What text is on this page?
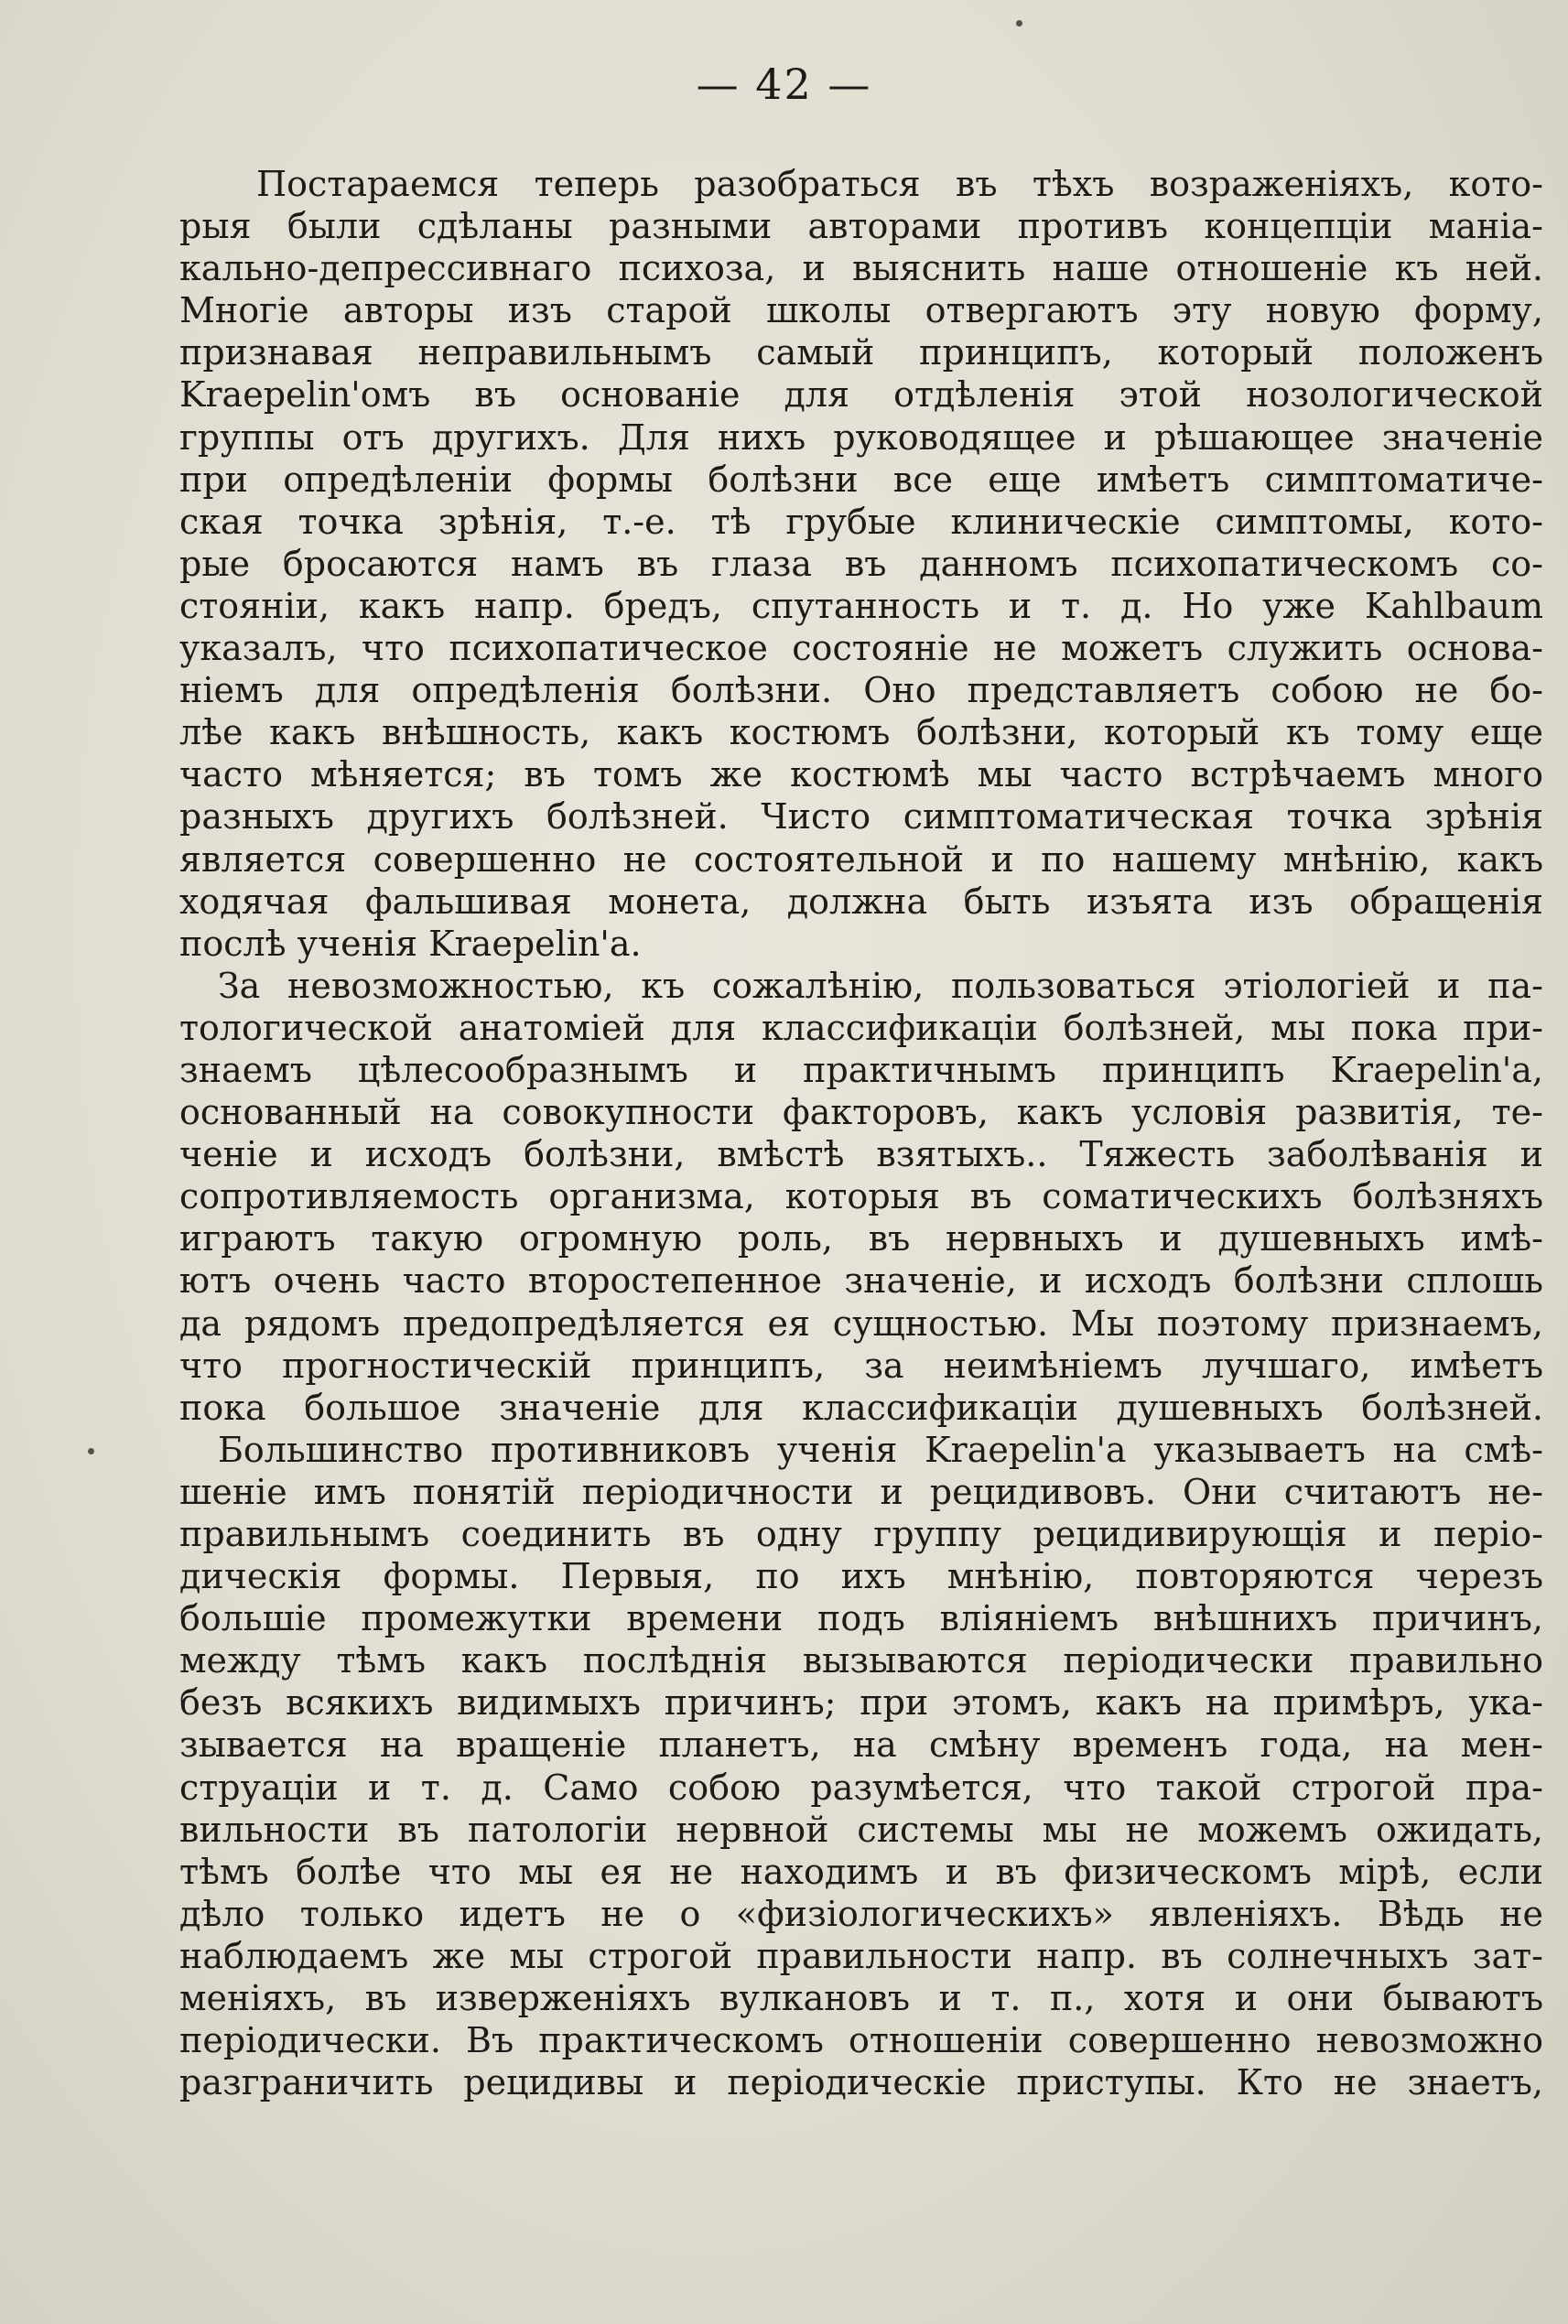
— 42 —
Постараемся теперь разобраться въ тѣхъ возраженіяхъ, кото-
рыя были сдѣланы разными авторами противъ концепціи маніа-
кально-депрессивнаго психоза, и выяснить наше отношеніе къ ней.
Многіе авторы изъ старой школы отвергаютъ эту новую форму,
признавая неправильнымъ самый принципъ, который положенъ
Kraepelin'омъ въ основаніе для отдѣленія этой нозологической
группы отъ другихъ. Для нихъ руководящее и рѣшающее значеніе
при опредѣленіи формы болѣзни все еще имѣетъ симптоматиче-
ская точка зрѣнія, т.-е. тѣ грубые клиническіе симптомы, кото-
рые бросаются намъ въ глаза въ данномъ психопатическомъ со-
стояніи, какъ напр. бредъ, спутанность и т. д. Но уже Kahlbaum
указалъ, что психопатическое состояніе не можетъ служить основа-
ніемъ для опредѣленія болѣзни. Оно представляетъ собою не бо-
лѣе какъ внѣшность, какъ костюмъ болѣзни, который къ тому еще
часто мѣняется; въ томъ же костюмѣ мы часто встрѣчаемъ много
разныхъ другихъ болѣзней. Чисто симптоматическая точка зрѣнія
является совершенно не состоятельной и по нашему мнѣнію, какъ
ходячая фальшивая монета, должна быть изъята изъ обращенія
послѣ ученія Kraepelin'а.
За невозможностью, къ сожалѣнію, пользоваться этіологіей и па-
тологической анатоміей для классификаціи болѣзней, мы пока при-
знаемъ цѣлесообразнымъ и практичнымъ принципъ Kraepelin'а,
основанный на совокупности факторовъ, какъ условія развитія, те-
ченіе и исходъ болѣзни, вмѣстѣ взятыхъ.. Тяжесть заболѣванія и
сопротивляемость организма, которыя въ соматическихъ болѣзняхъ
играютъ такую огромную роль, въ нервныхъ и душевныхъ имѣ-
ютъ очень часто второстепенное значеніе, и исходъ болѣзни сплошь
да рядомъ предопредѣляется ея сущностью. Мы поэтому признаемъ,
что прогностическій принципъ, за неимѣніемъ лучшаго, имѣетъ
пока большое значеніе для классификаціи душевныхъ болѣзней.
Большинство противниковъ ученія Kraepelin'а указываетъ на смѣ-
шеніе имъ понятій періодичности и рецидивовъ. Они считаютъ не-
правильнымъ соединить въ одну группу рецидивирующія и періо-
дическія формы. Первыя, по ихъ мнѣнію, повторяются черезъ
большіе промежутки времени подъ вліяніемъ внѣшнихъ причинъ,
между тѣмъ какъ послѣднія вызываются періодически правильно
безъ всякихъ видимыхъ причинъ; при этомъ, какъ на примѣръ, ука-
зывается на вращеніе планетъ, на смѣну временъ года, на мен-
струаціи и т. д. Само собою разумѣется, что такой строгой пра-
вильности въ патологіи нервной системы мы не можемъ ожидать,
тѣмъ болѣе что мы ея не находимъ и въ физическомъ мірѣ, если
дѣло только идетъ не о «физіологическихъ» явленіяхъ. Вѣдь не
наблюдаемъ же мы строгой правильности напр. въ солнечныхъ зат-
меніяхъ, въ изверженіяхъ вулкановъ и т. п., хотя и они бываютъ
періодически. Въ практическомъ отношеніи совершенно невозможно
разграничить рецидивы и періодическіе приступы. Кто не знаетъ,
